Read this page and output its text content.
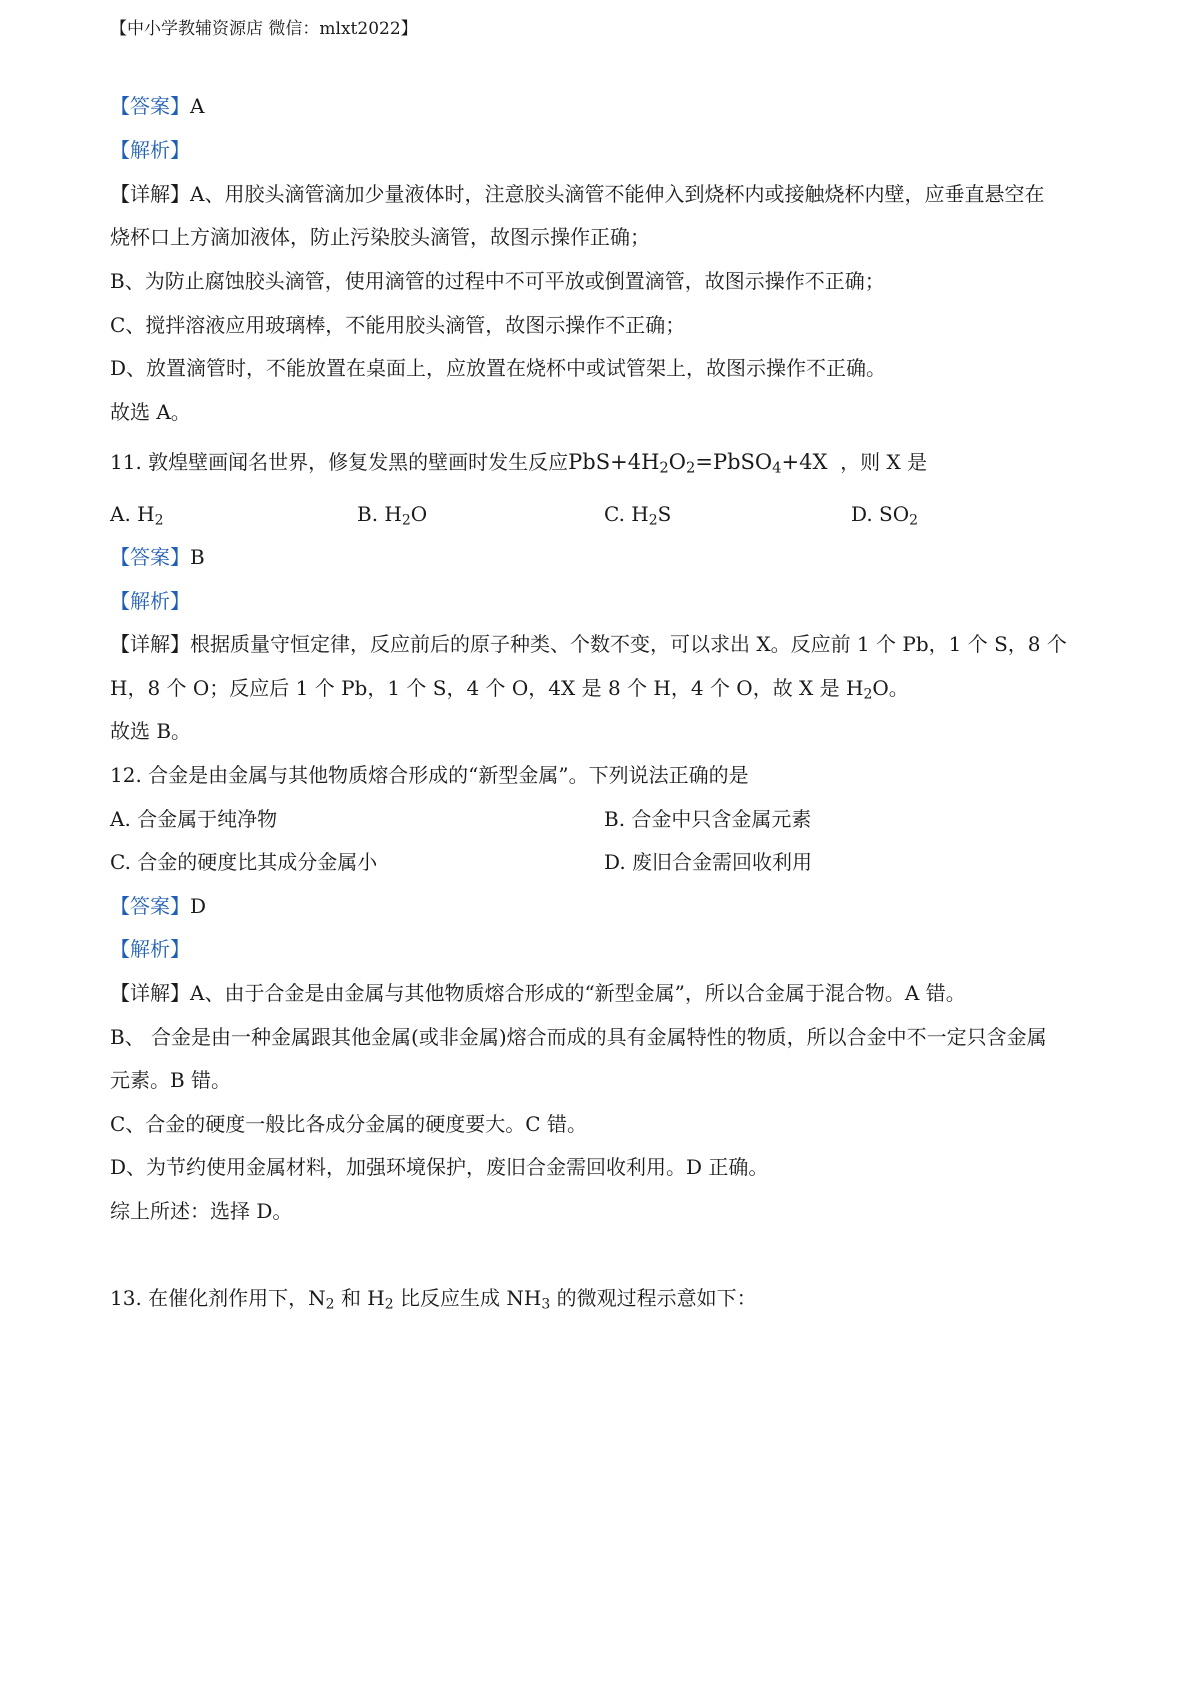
【中小学教辅资源店 微信：mlxt2022】
【答案】A
【解析】
【详解】A、用胶头滴管滴加少量液体时，注意胶头滴管不能伸入到烧杯内或接触烧杯内壁，应垂直悬空在
烧杯口上方滴加液体，防止污染胶头滴管，故图示操作正确；
B、为防止腐蚀胶头滴管，使用滴管的过程中不可平放或倒置滴管，故图示操作不正确；
C、搅拌溶液应用玻璃棒，不能用胶头滴管，故图示操作不正确；
D、放置滴管时，不能放置在桌面上，应放置在烧杯中或试管架上，故图示操作不正确。
故选 A。
11. 敦煌壁画闻名世界，修复发黑的壁画时发生反应$PbS+4H_2O_2=PbSO_4+4X$ ，则 X 是
A. $H_2$	B. $H_2O$	C. $H_2S$	D. $SO_2$
【答案】B
【解析】
【详解】根据质量守恒定律，反应前后的原子种类、个数不变，可以求出 X。反应前 1 个 Pb，1 个 S，8 个
H，8 个 O；反应后 1 个 Pb，1 个 S，4 个 O，4X 是 8 个 H，4 个 O，故 X 是 $H_2O$。
故选 B。
12. 合金是由金属与其他物质熔合形成的“新型金属”。下列说法正确的是
A. 合金属于纯净物	B. 合金中只含金属元素
C. 合金的硬度比其成分金属小	D. 废旧合金需回收利用
【答案】D
【解析】
【详解】A、由于合金是由金属与其他物质熔合形成的“新型金属”，所以合金属于混合物。A 错。
B、 合金是由一种金属跟其他金属(或非金属)熔合而成的具有金属特性的物质，所以合金中不一定只含金属
元素。B 错。
C、合金的硬度一般比各成分金属的硬度要大。C 错。
D、为节约使用金属材料，加强环境保护，废旧合金需回收利用。D 正确。
综上所述：选择 D。
13. 在催化剂作用下，$N_2$ 和 $H_2$ 比反应生成 $NH_3$ 的微观过程示意如下：
